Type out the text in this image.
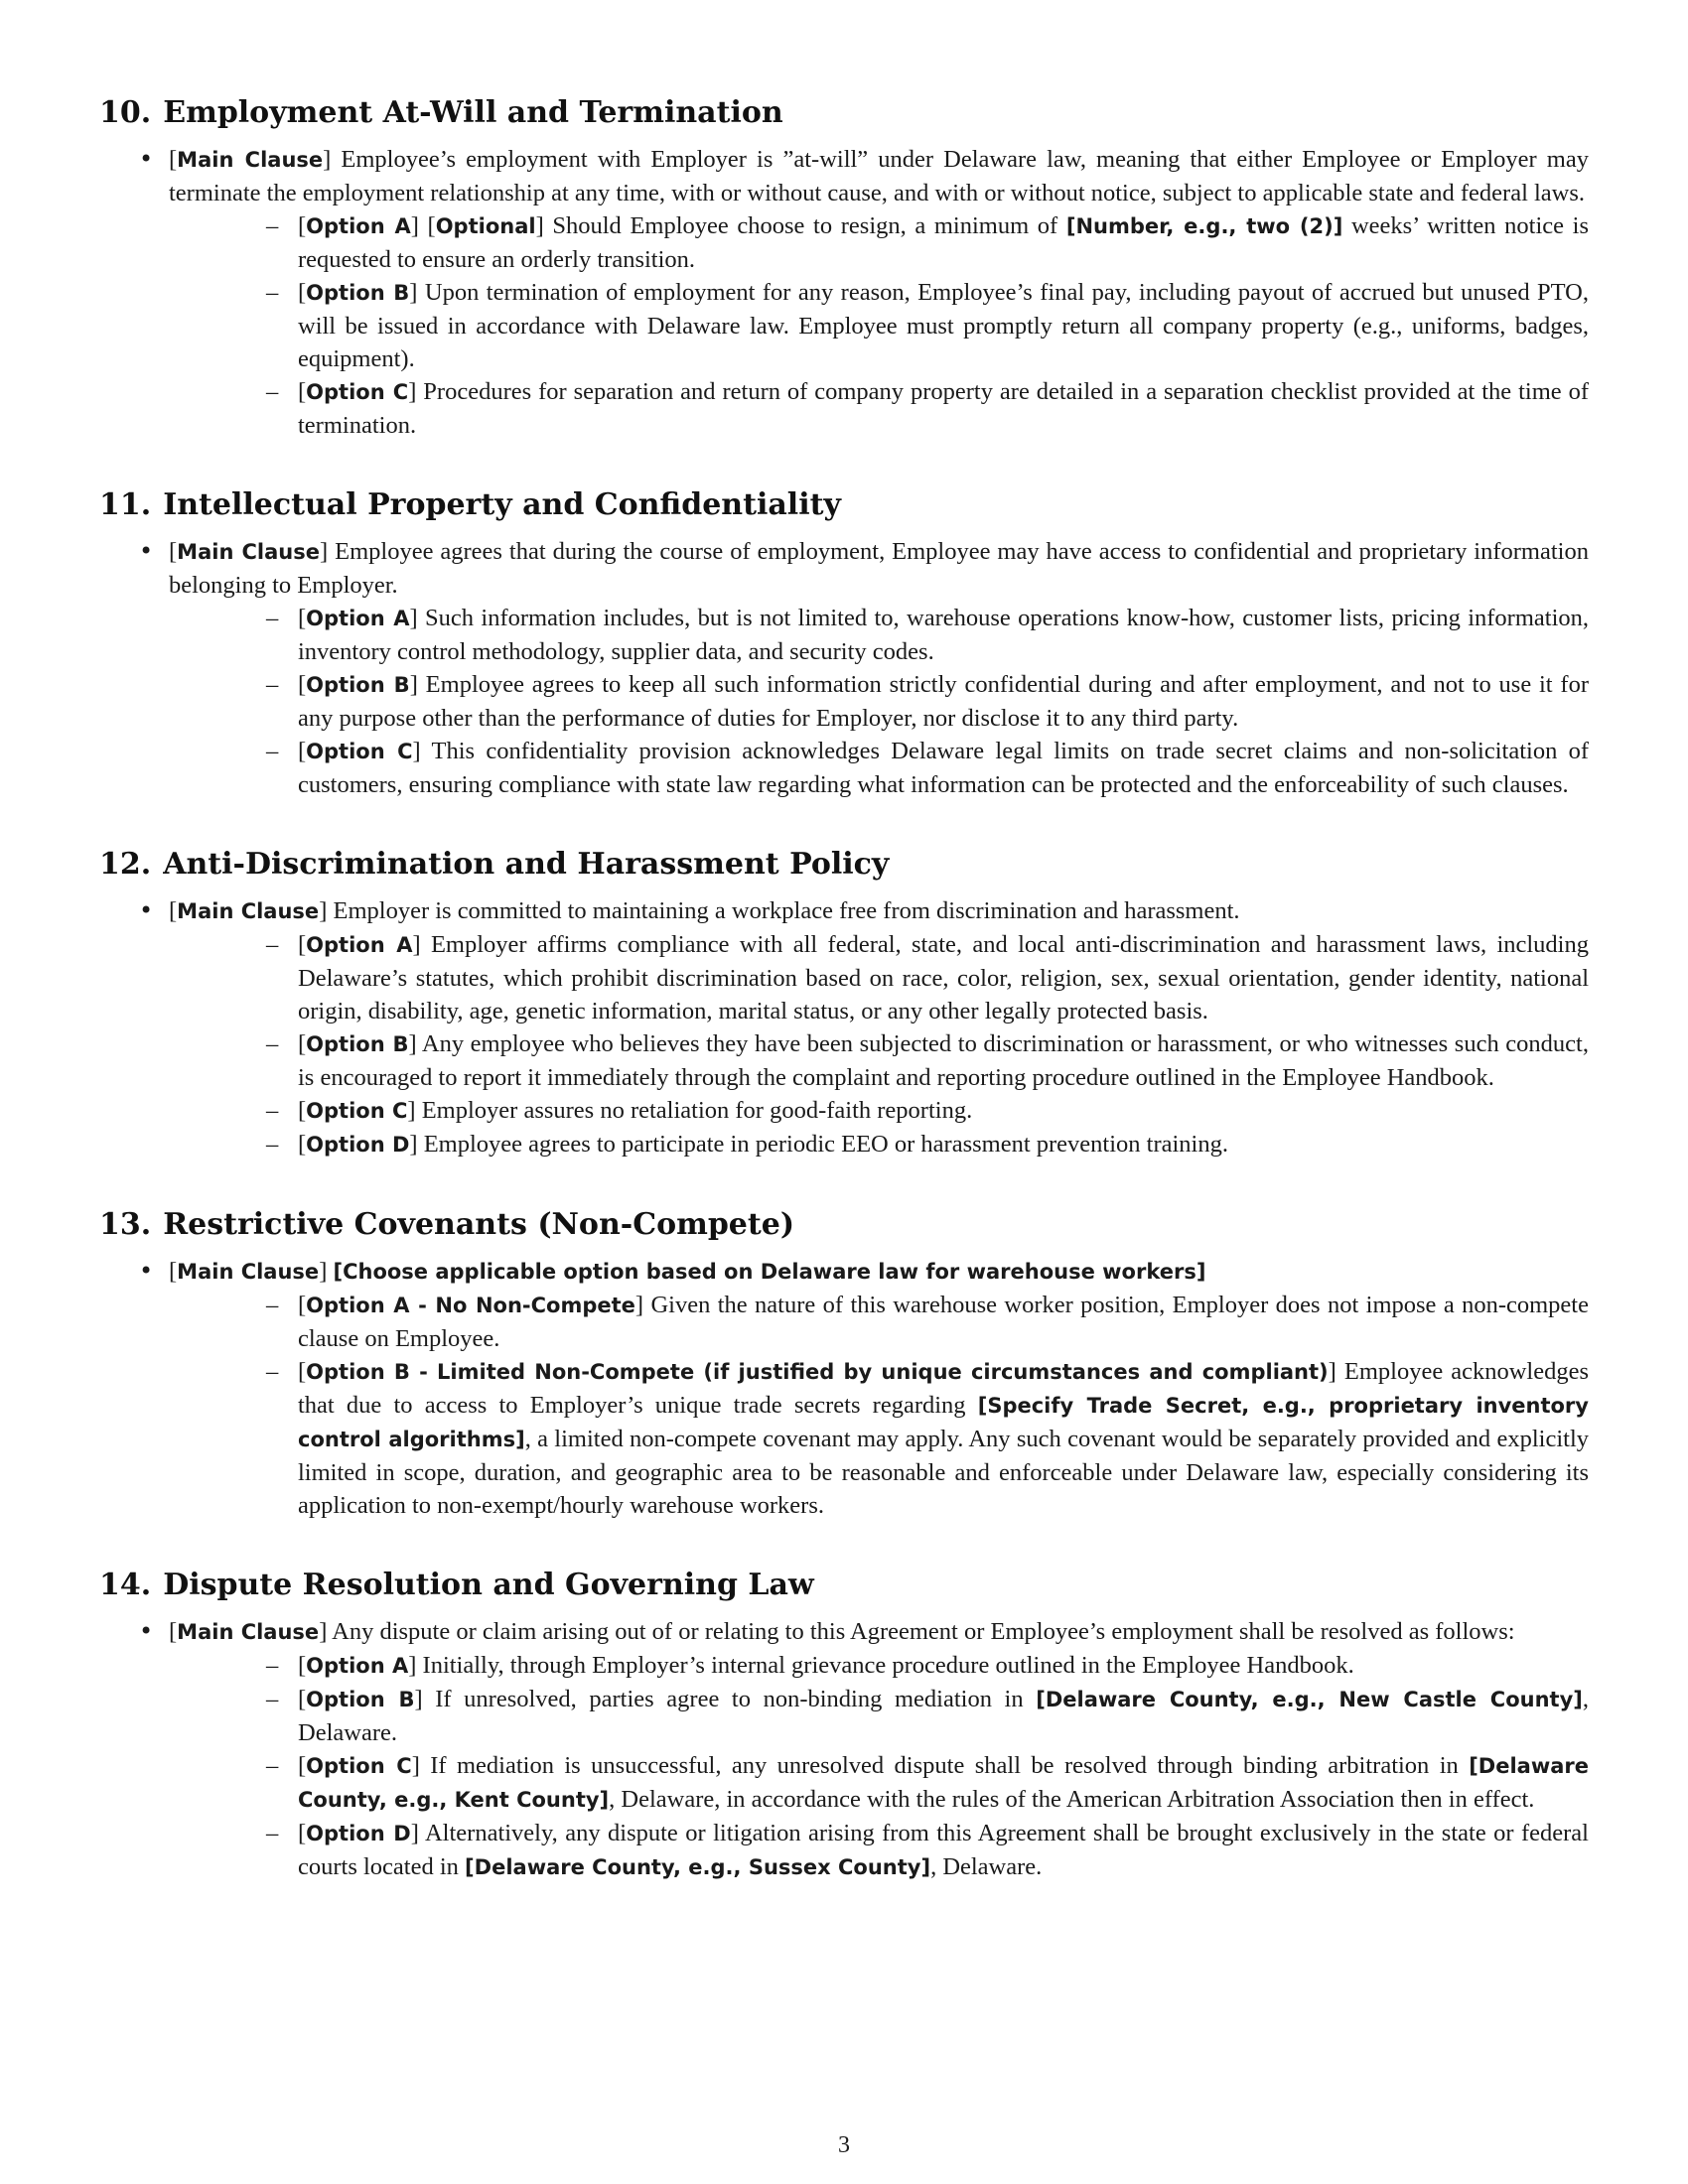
10. Employment At-Will and Termination
• [Main Clause] Employee’s employment with Employer is ”at-will” under Delaware law, meaning that either Employee or Employer may terminate the employment relationship at any time, with or without cause, and with or without notice, subject to applicable state and federal laws.
– [Option A] [Optional] Should Employee choose to resign, a minimum of [Number, e.g., two (2)] weeks’ written notice is requested to ensure an orderly transition.
– [Option B] Upon termination of employment for any reason, Employee’s final pay, including payout of accrued but unused PTO, will be issued in accordance with Delaware law. Employee must promptly return all company property (e.g., uniforms, badges, equipment).
– [Option C] Procedures for separation and return of company property are detailed in a separation checklist provided at the time of termination.
11. Intellectual Property and Confidentiality
• [Main Clause] Employee agrees that during the course of employment, Employee may have access to confidential and proprietary information belonging to Employer.
– [Option A] Such information includes, but is not limited to, warehouse operations know-how, customer lists, pricing information, inventory control methodology, supplier data, and security codes.
– [Option B] Employee agrees to keep all such information strictly confidential during and after employment, and not to use it for any purpose other than the performance of duties for Employer, nor disclose it to any third party.
– [Option C] This confidentiality provision acknowledges Delaware legal limits on trade secret claims and non-solicitation of customers, ensuring compliance with state law regarding what information can be protected and the enforceability of such clauses.
12. Anti-Discrimination and Harassment Policy
• [Main Clause] Employer is committed to maintaining a workplace free from discrimination and harassment.
– [Option A] Employer affirms compliance with all federal, state, and local anti-discrimination and harassment laws, including Delaware’s statutes, which prohibit discrimination based on race, color, religion, sex, sexual orientation, gender identity, national origin, disability, age, genetic information, marital status, or any other legally protected basis.
– [Option B] Any employee who believes they have been subjected to discrimination or harassment, or who witnesses such conduct, is encouraged to report it immediately through the complaint and reporting procedure outlined in the Employee Handbook.
– [Option C] Employer assures no retaliation for good-faith reporting.
– [Option D] Employee agrees to participate in periodic EEO or harassment prevention training.
13. Restrictive Covenants (Non-Compete)
• [Main Clause] [Choose applicable option based on Delaware law for warehouse workers]
– [Option A - No Non-Compete] Given the nature of this warehouse worker position, Employer does not impose a non-compete clause on Employee.
– [Option B - Limited Non-Compete (if justified by unique circumstances and compliant)] Employee acknowledges that due to access to Employer’s unique trade secrets regarding [Specify Trade Secret, e.g., proprietary inventory control algorithms], a limited non-compete covenant may apply. Any such covenant would be separately provided and explicitly limited in scope, duration, and geographic area to be reasonable and enforceable under Delaware law, especially considering its application to non-exempt/hourly warehouse workers.
14. Dispute Resolution and Governing Law
• [Main Clause] Any dispute or claim arising out of or relating to this Agreement or Employee’s employment shall be resolved as follows:
– [Option A] Initially, through Employer’s internal grievance procedure outlined in the Employee Handbook.
– [Option B] If unresolved, parties agree to non-binding mediation in [Delaware County, e.g., New Castle County], Delaware.
– [Option C] If mediation is unsuccessful, any unresolved dispute shall be resolved through binding arbitration in [Delaware County, e.g., Kent County], Delaware, in accordance with the rules of the American Arbitration Association then in effect.
– [Option D] Alternatively, any dispute or litigation arising from this Agreement shall be brought exclusively in the state or federal courts located in [Delaware County, e.g., Sussex County], Delaware.
3
